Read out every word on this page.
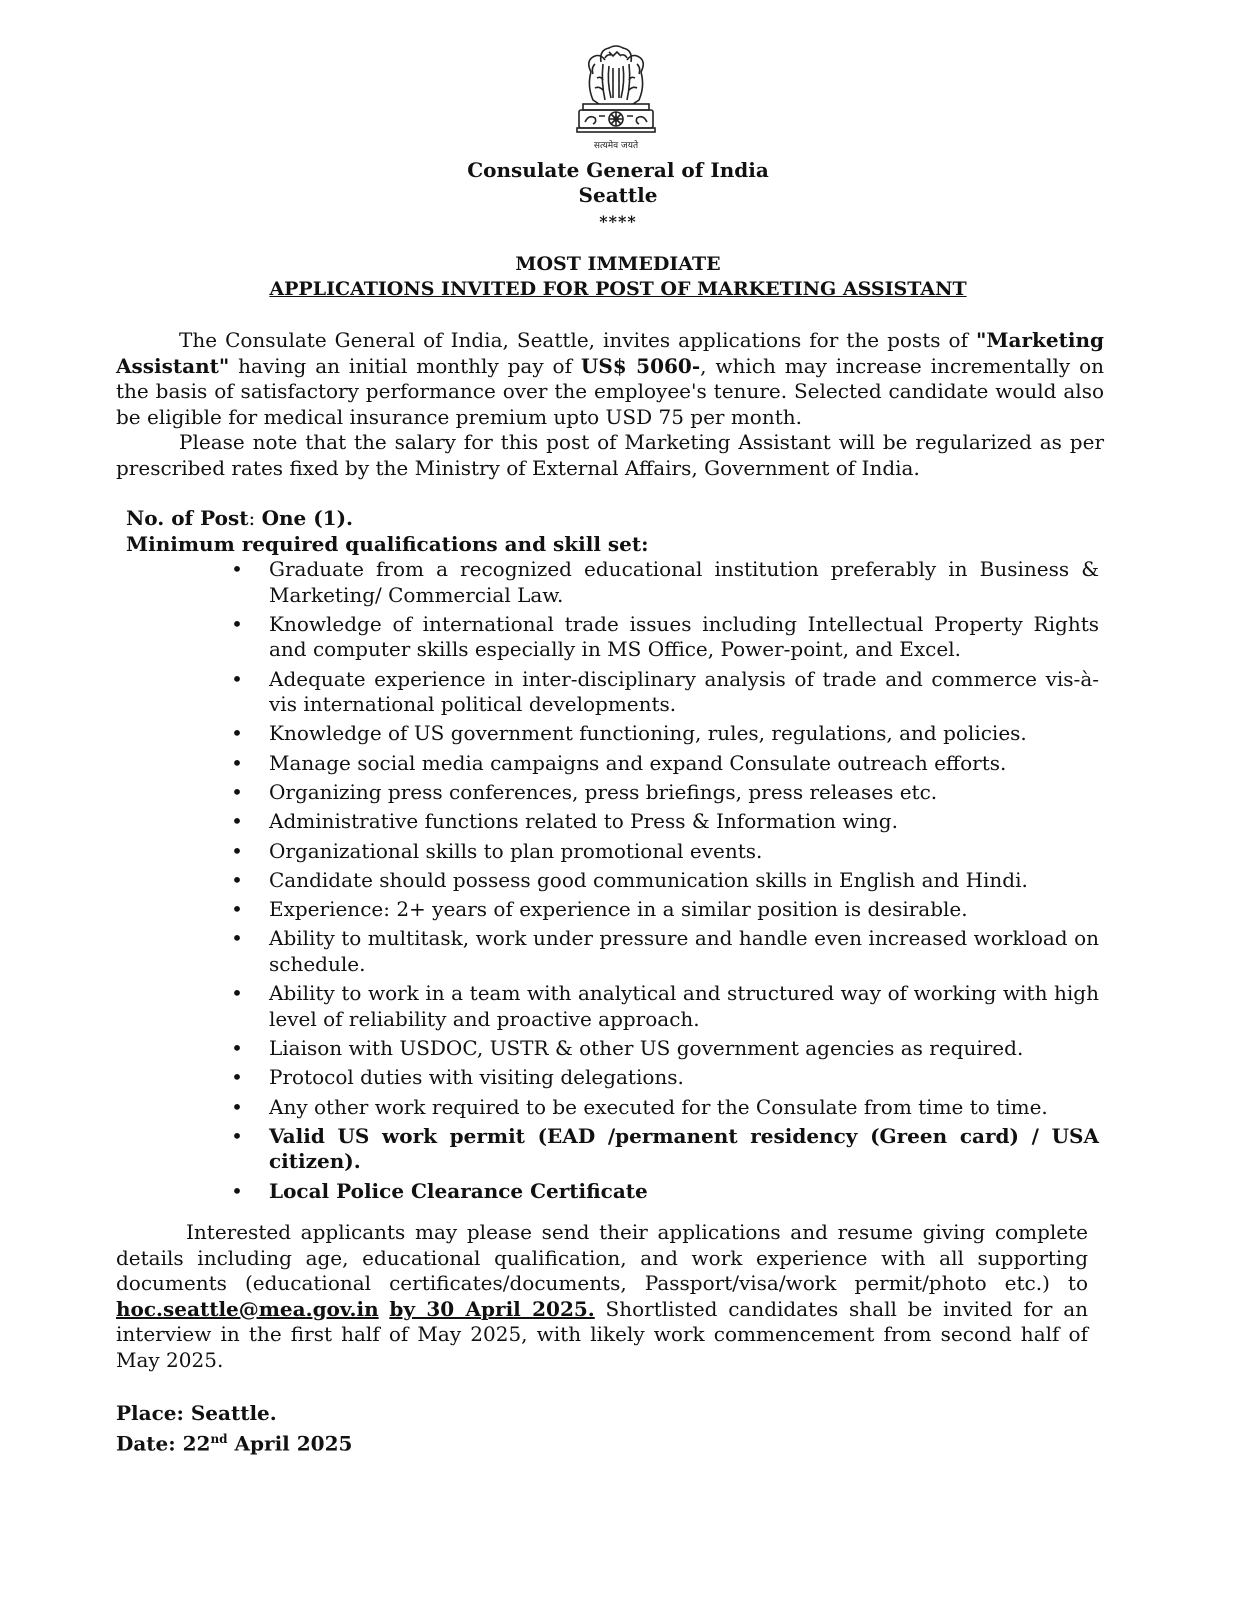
सत्यमेव जयते
Consulate General of India
Seattle
****
MOST IMMEDIATE
APPLICATIONS INVITED FOR POST OF MARKETING ASSISTANT
The Consulate General of India, Seattle, invites applications for the posts of "Marketing Assistant" having an initial monthly pay of US$ 5060-, which may increase incrementally on the basis of satisfactory performance over the employee's tenure. Selected candidate would also be eligible for medical insurance premium upto USD 75 per month.
Please note that the salary for this post of Marketing Assistant will be regularized as per prescribed rates fixed by the Ministry of External Affairs, Government of India.
No. of Post: One (1).
Minimum required qualifications and skill set:
• Graduate from a recognized educational institution preferably in Business & Marketing/ Commercial Law.
• Knowledge of international trade issues including Intellectual Property Rights and computer skills especially in MS Office, Power-point, and Excel.
• Adequate experience in inter-disciplinary analysis of trade and commerce vis-à-vis international political developments.
• Knowledge of US government functioning, rules, regulations, and policies.
• Manage social media campaigns and expand Consulate outreach efforts.
• Organizing press conferences, press briefings, press releases etc.
• Administrative functions related to Press & Information wing.
• Organizational skills to plan promotional events.
• Candidate should possess good communication skills in English and Hindi.
• Experience: 2+ years of experience in a similar position is desirable.
• Ability to multitask, work under pressure and handle even increased workload on schedule.
• Ability to work in a team with analytical and structured way of working with high level of reliability and proactive approach.
• Liaison with USDOC, USTR & other US government agencies as required.
• Protocol duties with visiting delegations.
• Any other work required to be executed for the Consulate from time to time.
• Valid US work permit (EAD /permanent residency (Green card) / USA citizen).
• Local Police Clearance Certificate
Interested applicants may please send their applications and resume giving complete details including age, educational qualification, and work experience with all supporting documents (educational certificates/documents, Passport/visa/work permit/photo etc.) to hoc.seattle@mea.gov.in by 30 April 2025. Shortlisted candidates shall be invited for an interview in the first half of May 2025, with likely work commencement from second half of May 2025.
Place: Seattle.
Date: 22nd April 2025
